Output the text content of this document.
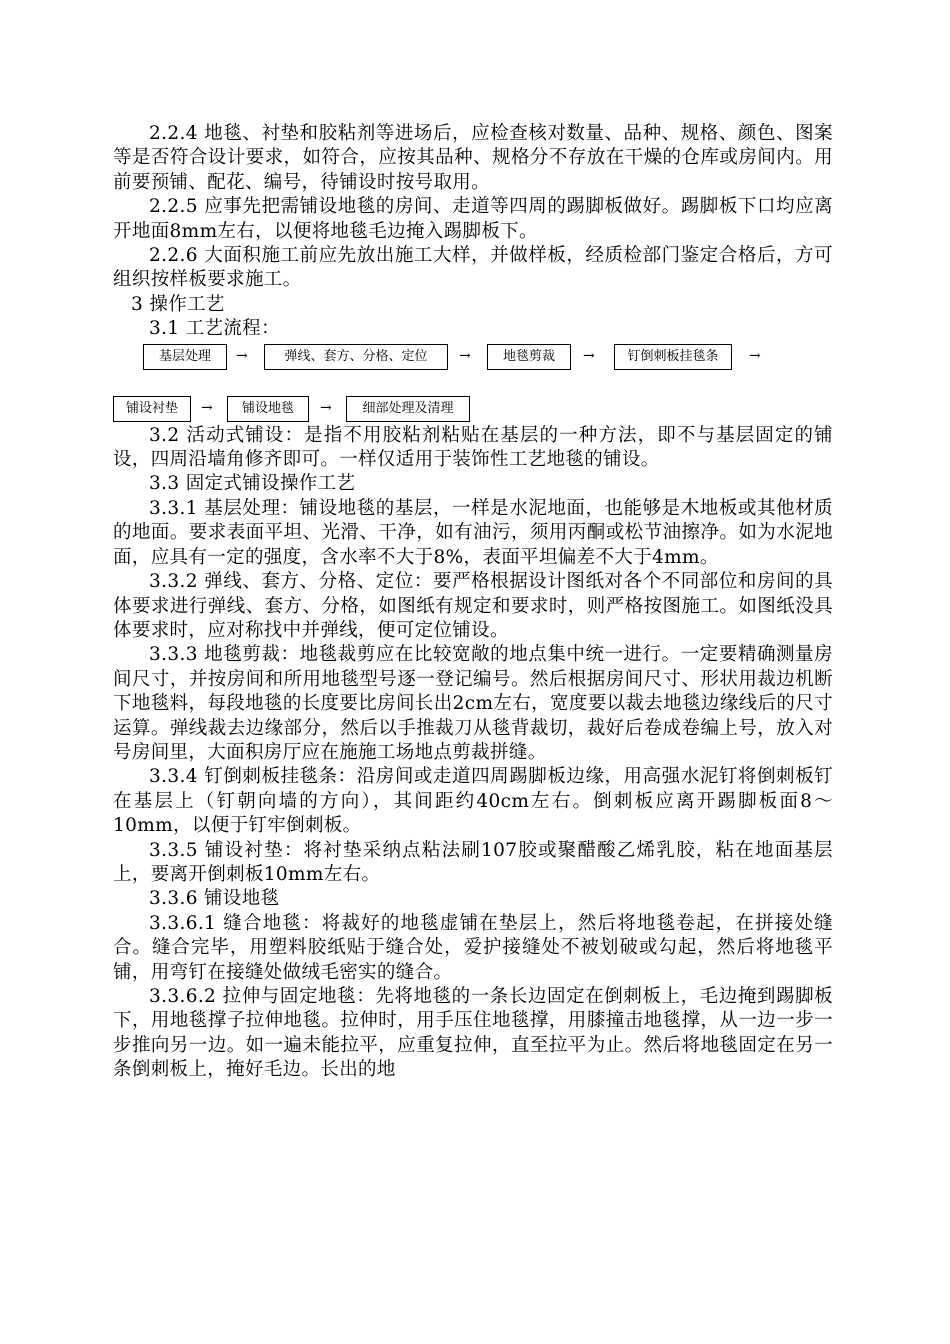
2.2.4 地毯、衬垫和胶粘剂等进场后，应检查核对数量、品种、规格、颜色、图案等是否符合设计要求，如符合，应按其品种、规格分不存放在干燥的仓库或房间内。用前要预铺、配花、编号，待铺设时按号取用。

2.2.5 应事先把需铺设地毯的房间、走道等四周的踢脚板做好。踢脚板下口均应离开地面8mm左右，以便将地毯毛边掩入踢脚板下。

2.2.6 大面积施工前应先放出施工大样，并做样板，经质检部门鉴定合格后，方可组织按样板要求施工。

3 操作工艺

3.1 工艺流程：

基层处理	→	弹线、套方、分格、定位	→	地毯剪裁	→	钉倒刺板挂毯条	→
铺设衬垫	→	铺设地毯	→	细部处理及清理

3.2 活动式铺设：是指不用胶粘剂粘贴在基层的一种方法，即不与基层固定的铺设，四周沿墙角修齐即可。一样仅适用于装饰性工艺地毯的铺设。

3.3 固定式铺设操作工艺

3.3.1 基层处理：铺设地毯的基层，一样是水泥地面，也能够是木地板或其他材质的地面。要求表面平坦、光滑、干净，如有油污，须用丙酮或松节油擦净。如为水泥地面，应具有一定的强度，含水率不大于8%，表面平坦偏差不大于4mm。

3.3.2 弹线、套方、分格、定位：要严格根据设计图纸对各个不同部位和房间的具体要求进行弹线、套方、分格，如图纸有规定和要求时，则严格按图施工。如图纸没具体要求时，应对称找中并弹线，便可定位铺设。

3.3.3 地毯剪裁：地毯裁剪应在比较宽敞的地点集中统一进行。一定要精确测量房间尺寸，并按房间和所用地毯型号逐一登记编号。然后根据房间尺寸、形状用裁边机断下地毯料，每段地毯的长度要比房间长出2cm左右，宽度要以裁去地毯边缘线后的尺寸运算。弹线裁去边缘部分，然后以手推裁刀从毯背裁切，裁好后卷成卷编上号，放入对号房间里，大面积房厅应在施施工场地点剪裁拼缝。

3.3.4 钉倒刺板挂毯条：沿房间或走道四周踢脚板边缘，用高强水泥钉将倒刺板钉在基层上（钉朝向墙的方向），其间距约40cm左右。倒刺板应离开踢脚板面8～10mm，以便于钉牢倒刺板。

3.3.5 铺设衬垫：将衬垫采纳点粘法刷107胶或聚醋酸乙烯乳胶，粘在地面基层上，要离开倒刺板10mm左右。

3.3.6 铺设地毯

3.3.6.1 缝合地毯：将裁好的地毯虚铺在垫层上，然后将地毯卷起，在拼接处缝合。缝合完毕，用塑料胶纸贴于缝合处，爱护接缝处不被划破或勾起，然后将地毯平铺，用弯钉在接缝处做绒毛密实的缝合。

3.3.6.2 拉伸与固定地毯：先将地毯的一条长边固定在倒刺板上，毛边掩到踢脚板下，用地毯撑子拉伸地毯。拉伸时，用手压住地毯撑，用膝撞击地毯撑，从一边一步一步推向另一边。如一遍未能拉平，应重复拉伸，直至拉平为止。然后将地毯固定在另一条倒刺板上，掩好毛边。长出的地
